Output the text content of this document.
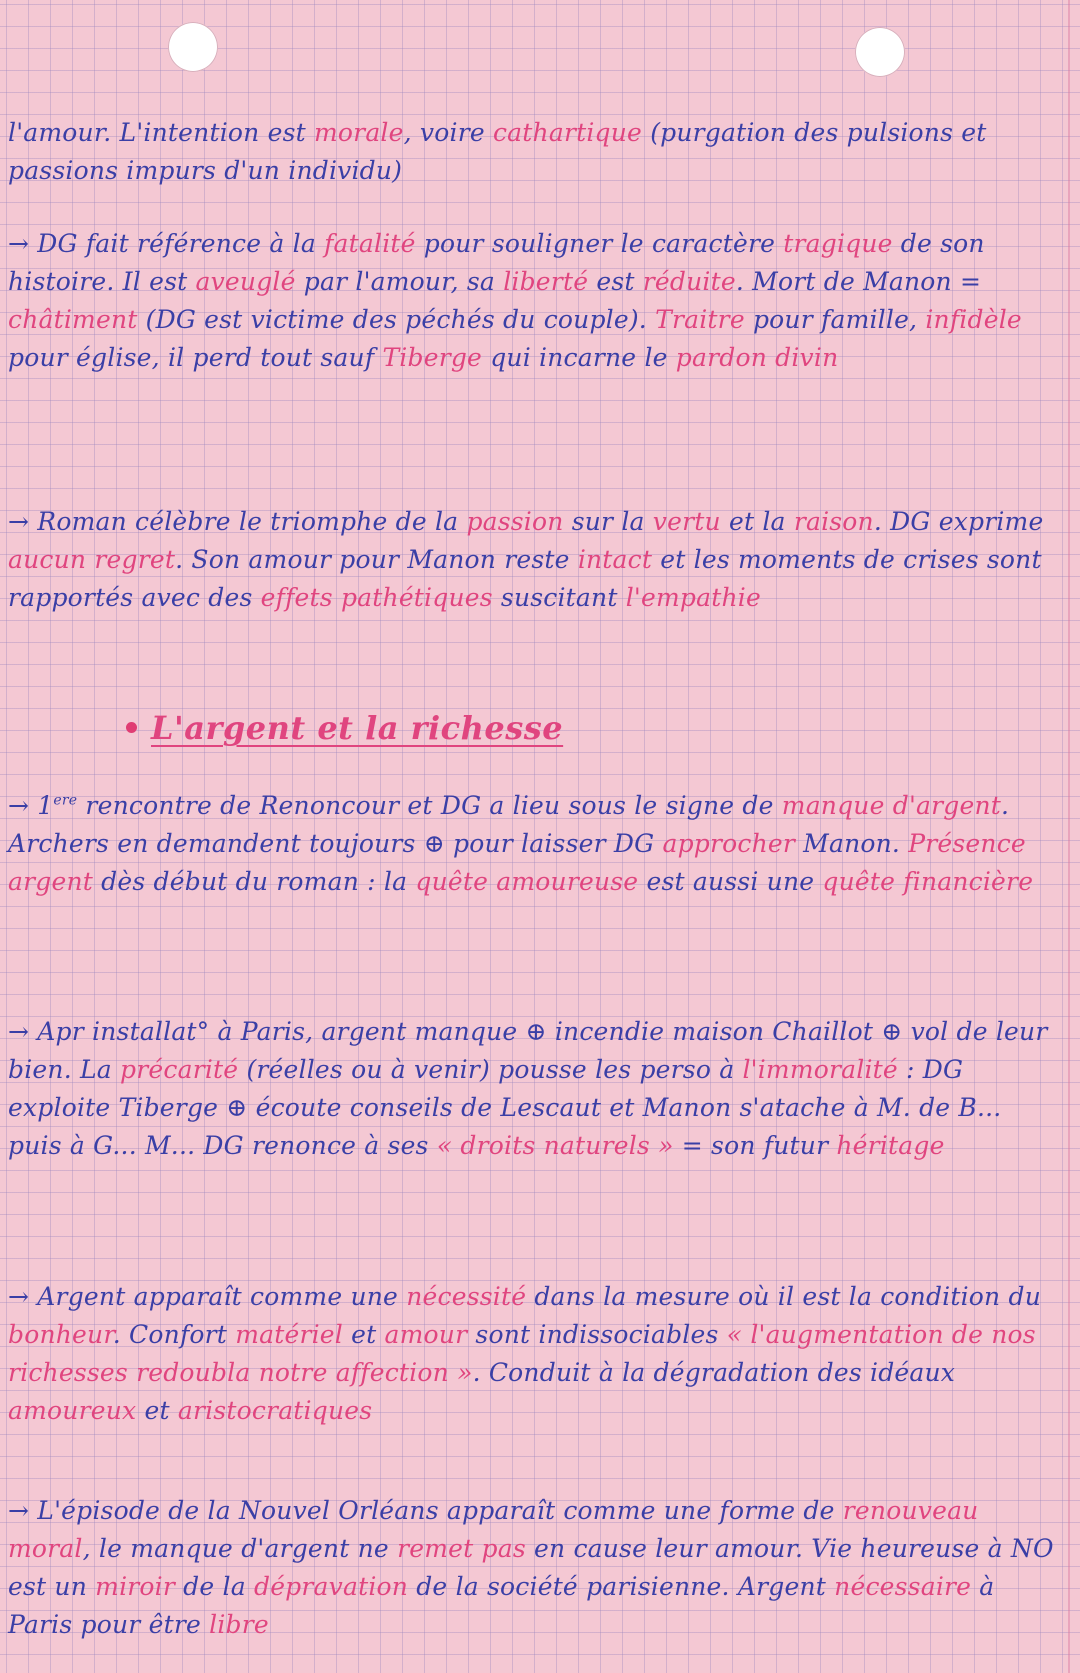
l'amour. L'intention est morale, voire cathartique (purgation des pulsions et passions impurs d'un individu)

→ DG fait référence à la fatalité pour souligner le caractère tragique de son histoire. Il est aveuglé par l'amour, sa liberté est réduite. Mort de Manon = châtiment (DG est victime des péchés du couple). Traitre pour famille, infidèle pour église, il perd tout sauf Tiberge qui incarne le pardon divin

→ Roman célèbre le triomphe de la passion sur la vertu et la raison. DG exprime aucun regret. Son amour pour Manon reste intact et les moments de crises sont rapportés avec des effets pathétiques suscitant l'empathie

L'argent et la richesse

→ 1ere rencontre de Renoncour et DG a lieu sous le signe de manque d'argent. Archers en demandent toujours ⊕ pour laisser DG approcher Manon. Présence argent dès début du roman : la quête amoureuse est aussi une quête financière

→ Apr installat° à Paris, argent manque ⊕ incendie maison Chaillot ⊕ vol de leur bien. La précarité (réelles ou à venir) pousse les perso à l'immoralité : DG exploite Tiberge ⊕ écoute conseils de Lescaut et Manon s'atache à M. de B... puis à G... M... DG renonce à ses « droits naturels » = son futur héritage

→ Argent apparaît comme une nécessité dans la mesure où il est la condition du bonheur. Confort matériel et amour sont indissociables « l'augmentation de nos richesses redoubla notre affection ». Conduit à la dégradation des idéaux amoureux et aristocratiques

→ L'épisode de la Nouvel Orléans apparaît comme une forme de renouveau moral, le manque d'argent ne remet pas en cause leur amour. Vie heureuse à NO est un miroir de la dépravation de la société parisienne. Argent nécessaire à Paris pour être libre
